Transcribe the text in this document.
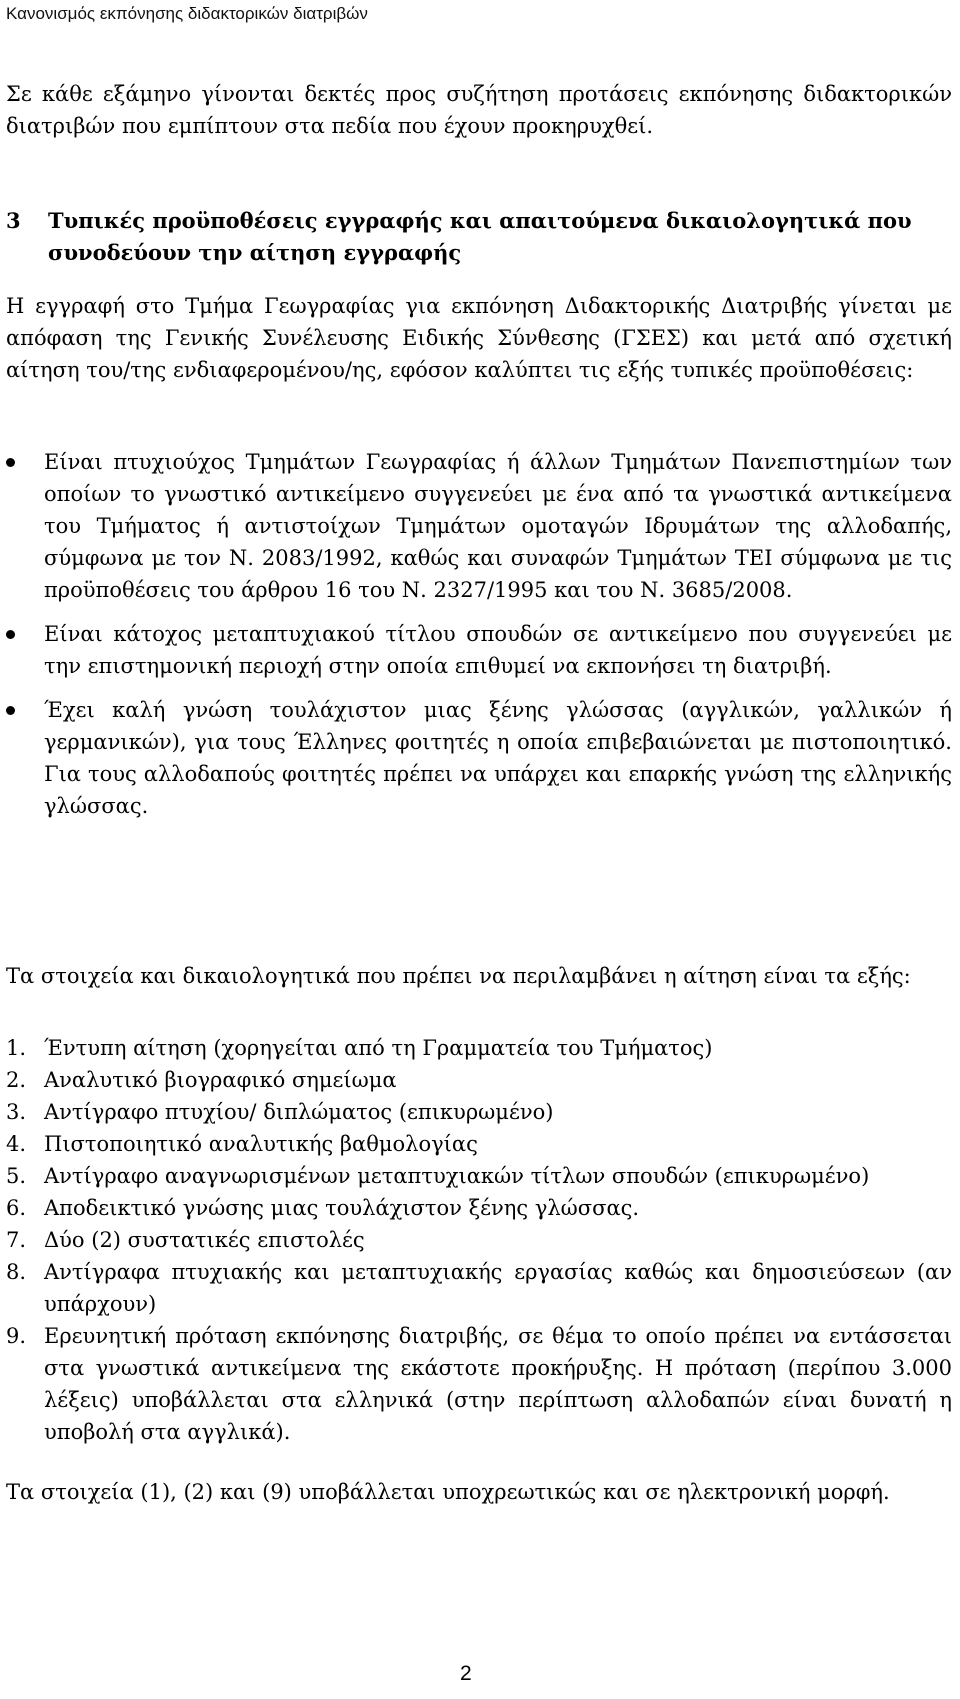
Κανονισμός εκπόνησης διδακτορικών διατριβών

Σε κάθε εξάμηνο γίνονται δεκτές προς συζήτηση προτάσεις εκπόνησης διδακτορικών διατριβών που εμπίπτουν στα πεδία που έχουν προκηρυχθεί.

3	Τυπικές προϋποθέσεις εγγραφής και απαιτούμενα δικαιολογητικά που συνοδεύουν την αίτηση εγγραφής

Η εγγραφή στο Τμήμα Γεωγραφίας για εκπόνηση Διδακτορικής Διατριβής γίνεται με απόφαση της Γενικής Συνέλευσης Ειδικής Σύνθεσης (ΓΣΕΣ) και μετά από σχετική αίτηση του/της ενδιαφερομένου/ης, εφόσον καλύπτει τις εξής τυπικές προϋποθέσεις:

Είναι πτυχιούχος Τμημάτων Γεωγραφίας ή άλλων Τμημάτων Πανεπιστημίων των οποίων το γνωστικό αντικείμενο συγγενεύει με ένα από τα γνωστικά αντικείμενα του Τμήματος ή αντιστοίχων Τμημάτων ομοταγών Ιδρυμάτων της αλλοδαπής, σύμφωνα με τον Ν. 2083/1992, καθώς και συναφών Τμημάτων ΤΕΙ σύμφωνα με τις προϋποθέσεις του άρθρου 16 του Ν. 2327/1995 και του Ν. 3685/2008.
Είναι κάτοχος μεταπτυχιακού τίτλου σπουδών σε αντικείμενο που συγγενεύει με την επιστημονική περιοχή στην οποία επιθυμεί να εκπονήσει τη διατριβή.
Έχει καλή γνώση τουλάχιστον μιας ξένης γλώσσας (αγγλικών, γαλλικών ή γερμανικών), για τους Έλληνες φοιτητές η οποία επιβεβαιώνεται με πιστοποιητικό. Για τους αλλοδαπούς φοιτητές πρέπει να υπάρχει και επαρκής γνώση της ελληνικής γλώσσας.

Τα στοιχεία και δικαιολογητικά που πρέπει να περιλαμβάνει η αίτηση είναι τα εξής:

1. Έντυπη αίτηση (χορηγείται από τη Γραμματεία του Τμήματος)
2. Αναλυτικό βιογραφικό σημείωμα
3. Αντίγραφο πτυχίου/ διπλώματος (επικυρωμένο)
4. Πιστοποιητικό αναλυτικής βαθμολογίας
5. Αντίγραφο αναγνωρισμένων μεταπτυχιακών τίτλων σπουδών (επικυρωμένο)
6. Αποδεικτικό γνώσης μιας τουλάχιστον ξένης γλώσσας.
7. Δύο (2) συστατικές επιστολές
8. Αντίγραφα πτυχιακής και μεταπτυχιακής εργασίας καθώς και δημοσιεύσεων (αν υπάρχουν)
9. Ερευνητική πρόταση εκπόνησης διατριβής, σε θέμα το οποίο πρέπει να εντάσσεται στα γνωστικά αντικείμενα της εκάστοτε προκήρυξης. Η πρόταση (περίπου 3.000 λέξεις) υποβάλλεται στα ελληνικά (στην περίπτωση αλλοδαπών είναι δυνατή η υποβολή στα αγγλικά).

Τα στοιχεία (1), (2) και (9) υποβάλλεται υποχρεωτικώς και σε ηλεκτρονική μορφή.

2
